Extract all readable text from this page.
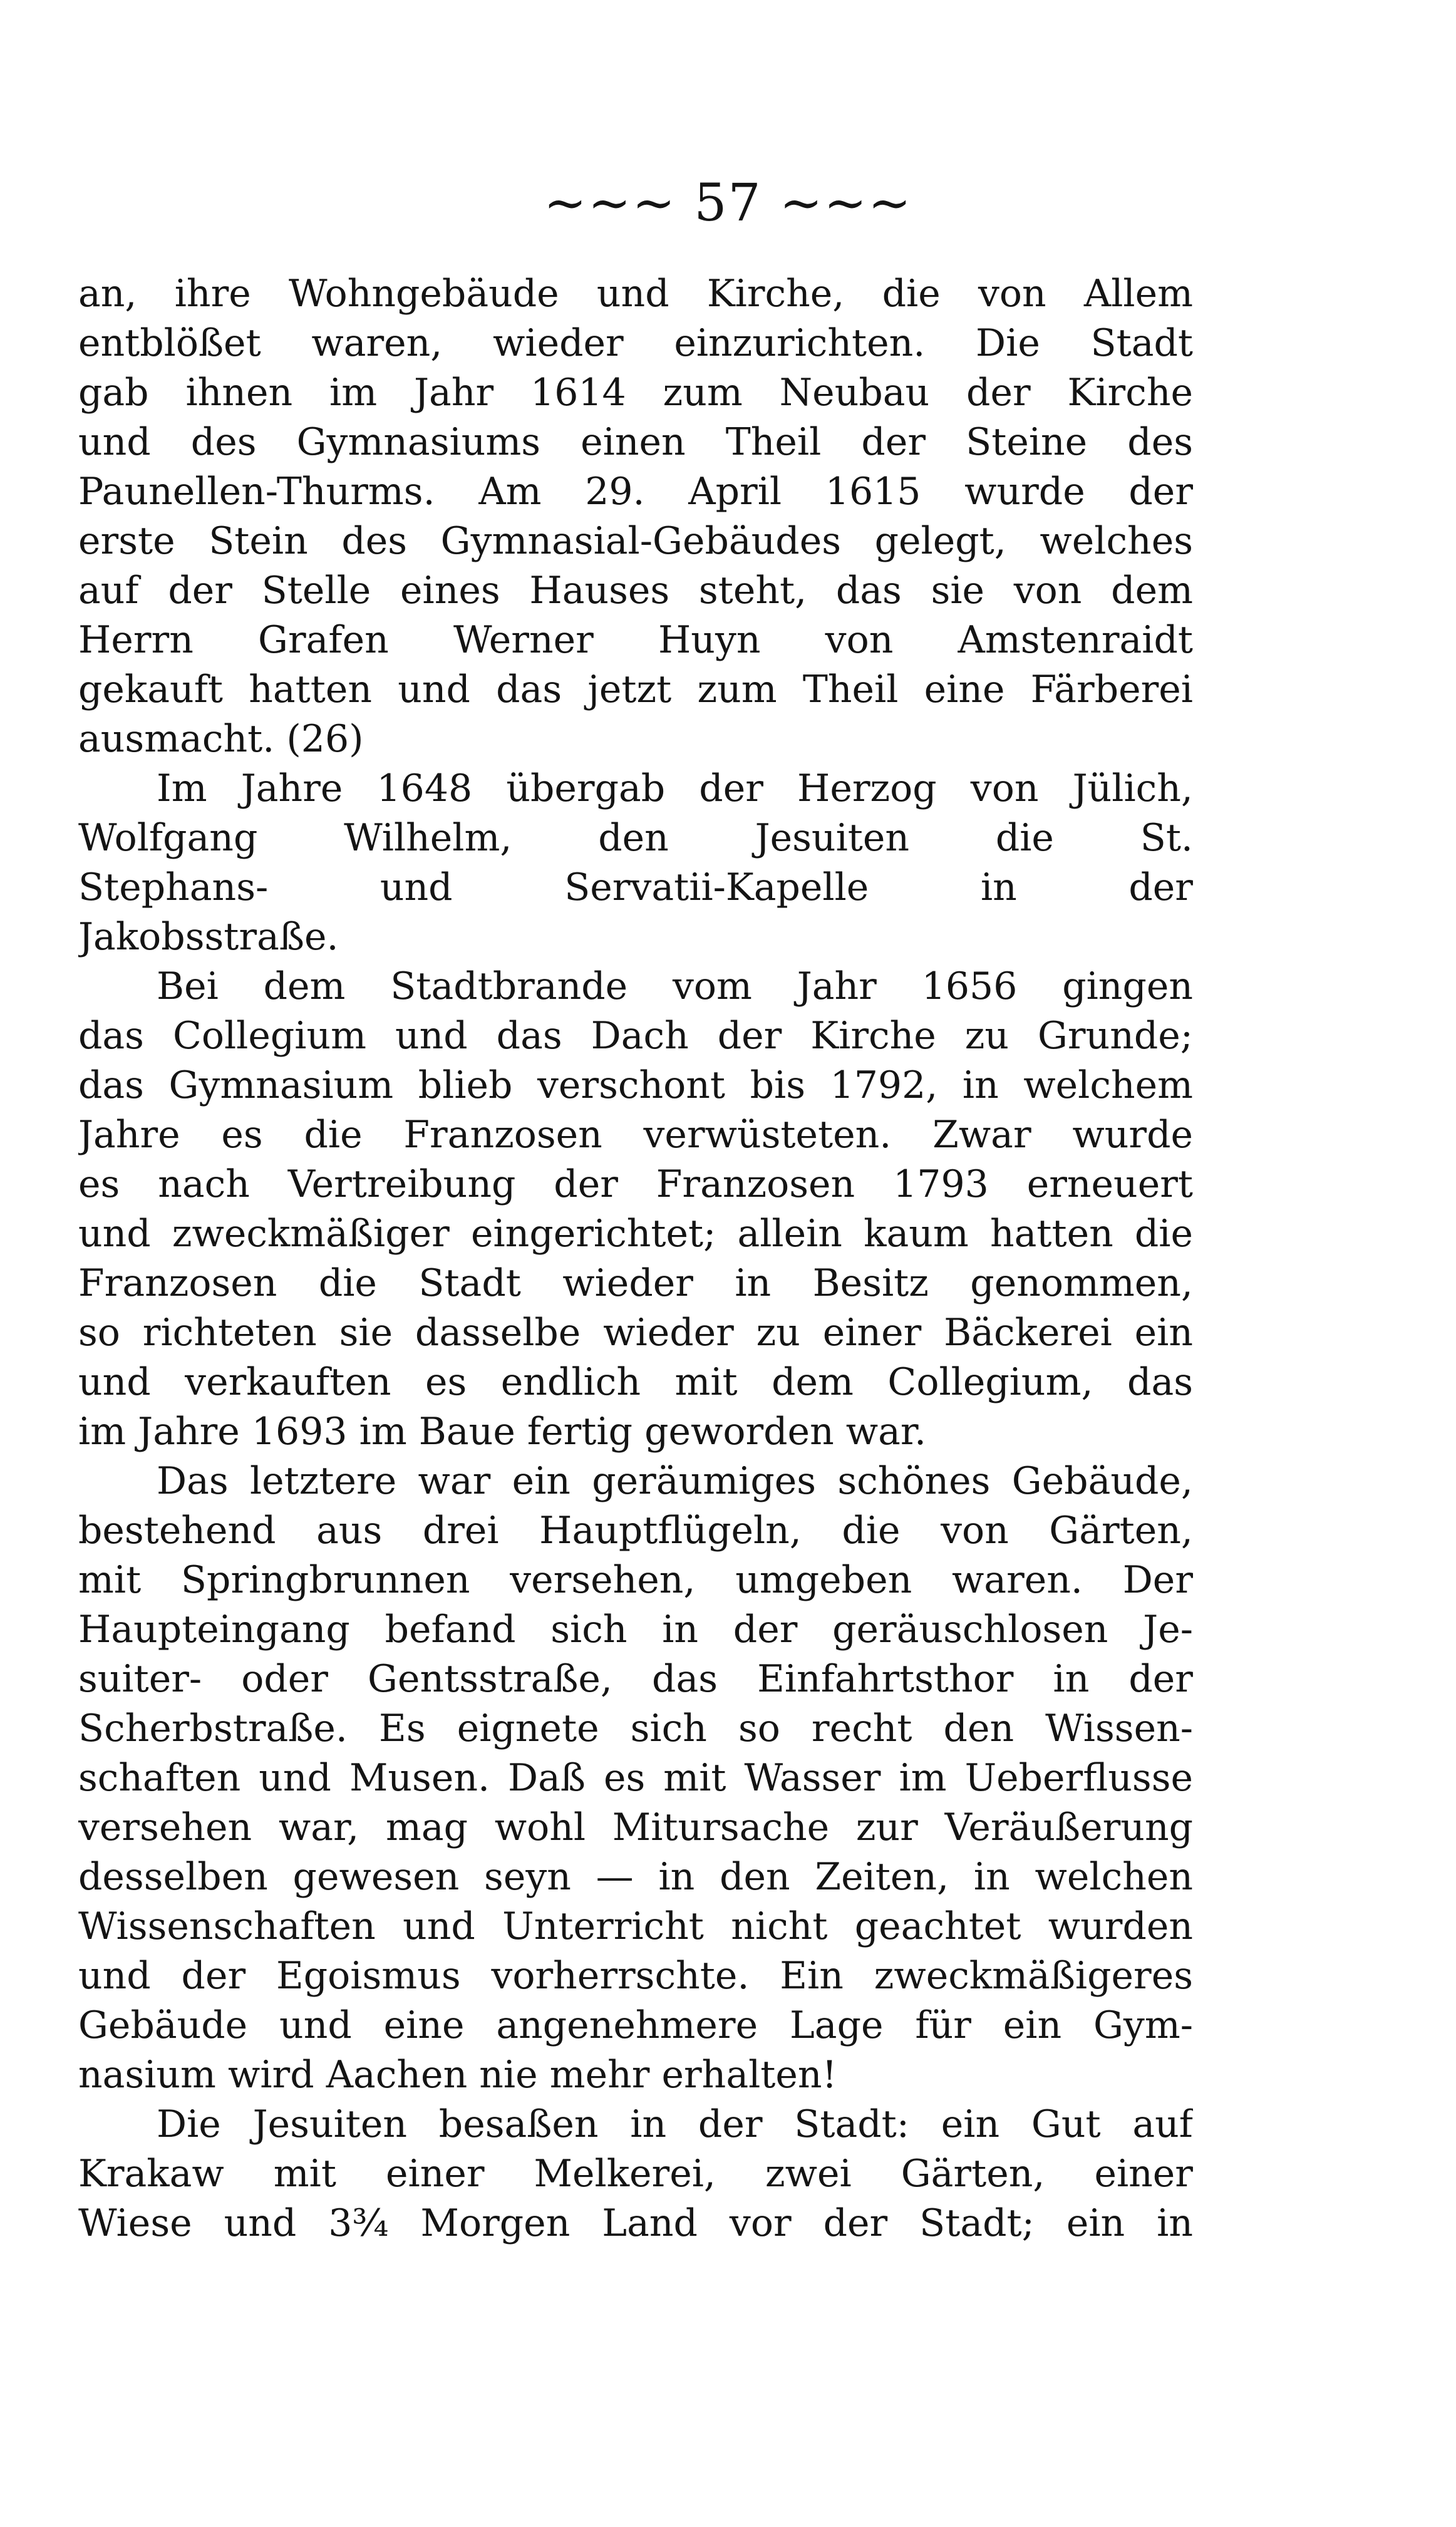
~~~ 57 ~~~

an, ihre Wohngebäude und Kirche, die von Allem
entblößet waren, wieder einzurichten. Die Stadt
gab ihnen im Jahr 1614 zum Neubau der Kirche
und des Gymnasiums einen Theil der Steine des
Paunellen-Thurms. Am 29. April 1615 wurde der
erste Stein des Gymnasial-Gebäudes gelegt, welches
auf der Stelle eines Hauses steht, das sie von dem
Herrn Grafen Werner Huyn von Amstenraidt
gekauft hatten und das jetzt zum Theil eine Färberei
ausmacht. (26)

Im Jahre 1648 übergab der Herzog von Jülich,
Wolfgang Wilhelm, den Jesuiten die St.
Stephans- und Servatii-Kapelle in der
Jakobsstraße.

Bei dem Stadtbrande vom Jahr 1656 gingen
das Collegium und das Dach der Kirche zu Grunde;
das Gymnasium blieb verschont bis 1792, in welchem
Jahre es die Franzosen verwüsteten. Zwar wurde
es nach Vertreibung der Franzosen 1793 erneuert
und zweckmäßiger eingerichtet; allein kaum hatten die
Franzosen die Stadt wieder in Besitz genommen,
so richteten sie dasselbe wieder zu einer Bäckerei ein
und verkauften es endlich mit dem Collegium, das
im Jahre 1693 im Baue fertig geworden war.

Das letztere war ein geräumiges schönes Gebäude,
bestehend aus drei Hauptflügeln, die von Gärten,
mit Springbrunnen versehen, umgeben waren. Der
Haupteingang befand sich in der geräuschlosen Je-
suiter- oder Gentsstraße, das Einfahrtsthor in der
Scherbstraße. Es eignete sich so recht den Wissen-
schaften und Musen. Daß es mit Wasser im Ueberflusse
versehen war, mag wohl Mitursache zur Veräußerung
desselben gewesen seyn — in den Zeiten, in welchen
Wissenschaften und Unterricht nicht geachtet wurden
und der Egoismus vorherrschte. Ein zweckmäßigeres
Gebäude und eine angenehmere Lage für ein Gym-
nasium wird Aachen nie mehr erhalten!

Die Jesuiten besaßen in der Stadt: ein Gut auf
Krakaw mit einer Melkerei, zwei Gärten, einer
Wiese und 3¾ Morgen Land vor der Stadt; ein in
